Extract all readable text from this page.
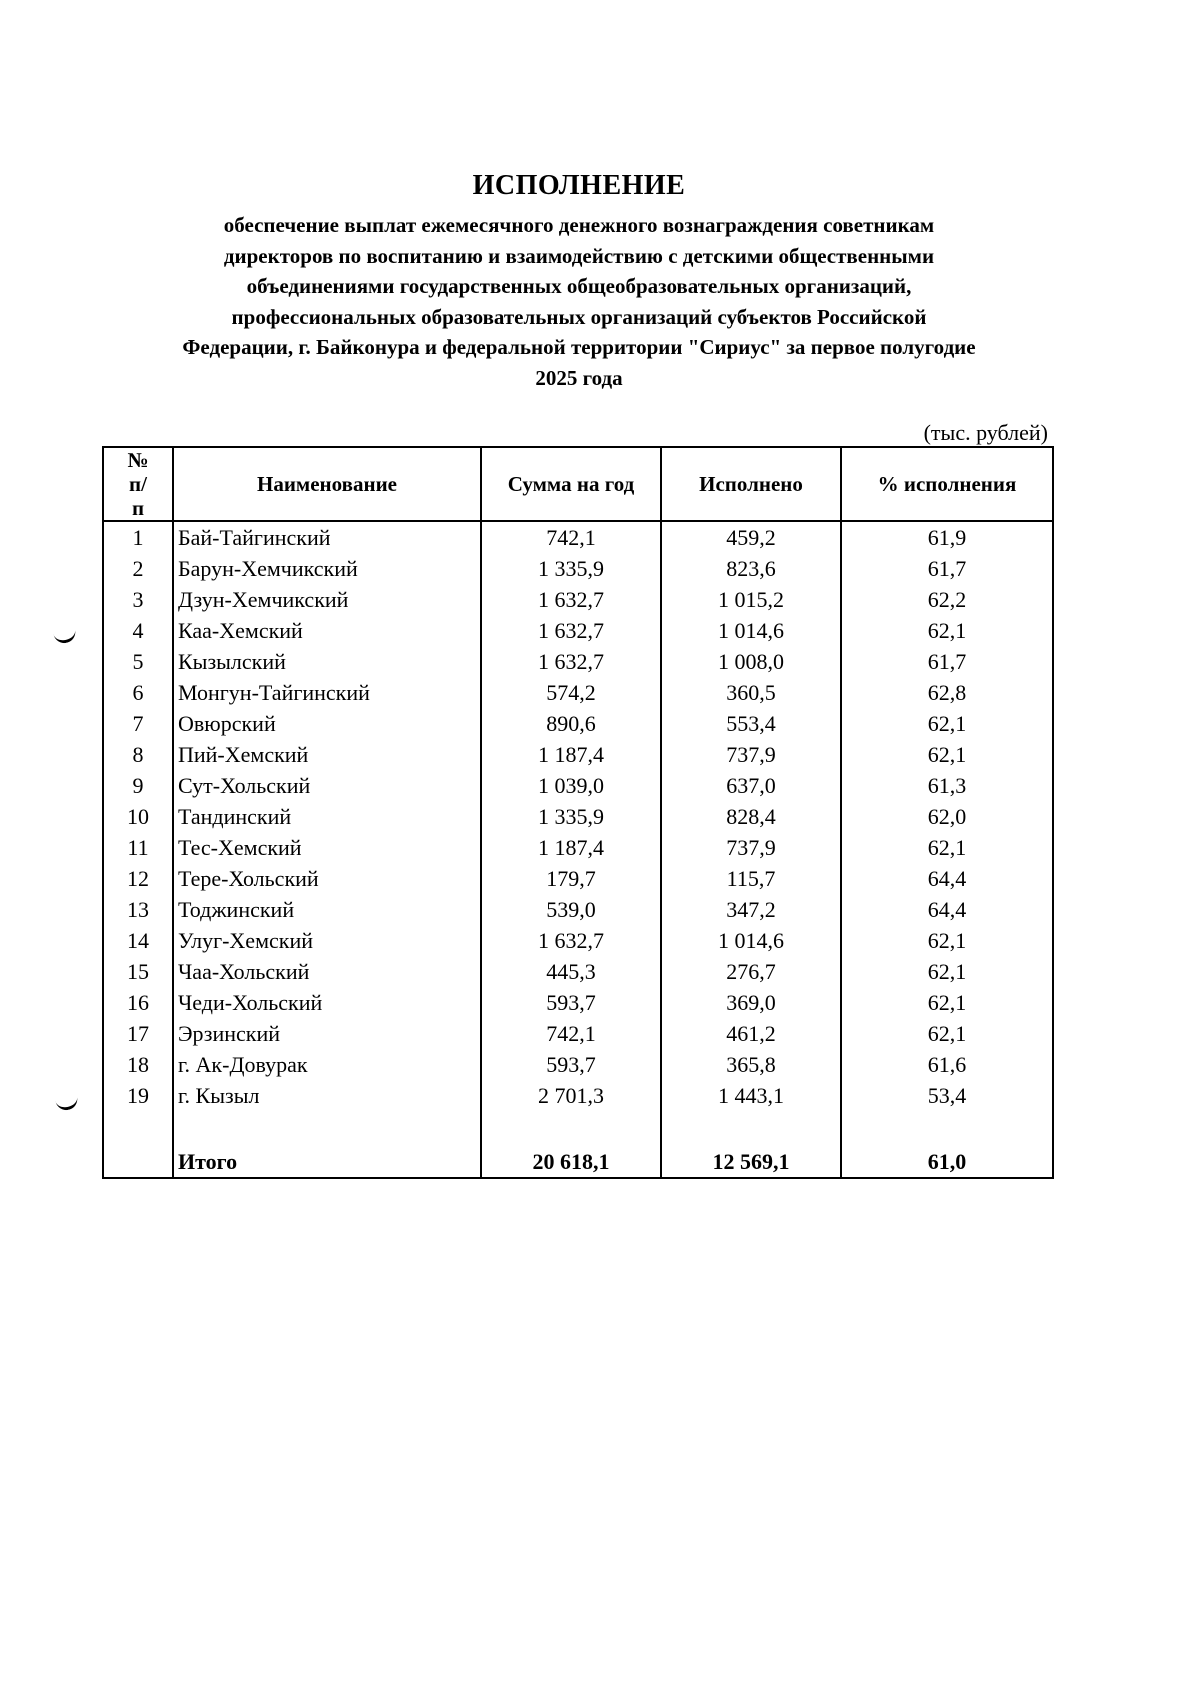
ИСПОЛНЕНИЕ
обеспечение выплат ежемесячного денежного вознаграждения советникам
директоров по воспитанию и взаимодействию с детскими общественными
объединениями государственных общеобразовательных организаций,
профессиональных образовательных организаций субъектов Российской
Федерации, г. Байконура и федеральной территории "Сириус" за первое полугодие
2025 года
(тыс. рублей)
№ п/п	Наименование	Сумма на год	Исполнено	% исполнения
1	Бай-Тайгинский	742,1	459,2	61,9
2	Барун-Хемчикский	1 335,9	823,6	61,7
3	Дзун-Хемчикский	1 632,7	1 015,2	62,2
4	Каа-Хемский	1 632,7	1 014,6	62,1
5	Кызылский	1 632,7	1 008,0	61,7
6	Монгун-Тайгинский	574,2	360,5	62,8
7	Овюрский	890,6	553,4	62,1
8	Пий-Хемский	1 187,4	737,9	62,1
9	Сут-Хольский	1 039,0	637,0	61,3
10	Тандинский	1 335,9	828,4	62,0
11	Тес-Хемский	1 187,4	737,9	62,1
12	Тере-Хольский	179,7	115,7	64,4
13	Тоджинский	539,0	347,2	64,4
14	Улуг-Хемский	1 632,7	1 014,6	62,1
15	Чаа-Хольский	445,3	276,7	62,1
16	Чеди-Хольский	593,7	369,0	62,1
17	Эрзинский	742,1	461,2	62,1
18	г. Ак-Довурак	593,7	365,8	61,6
19	г. Кызыл	2 701,3	1 443,1	53,4

	Итого	20 618,1	12 569,1	61,0
